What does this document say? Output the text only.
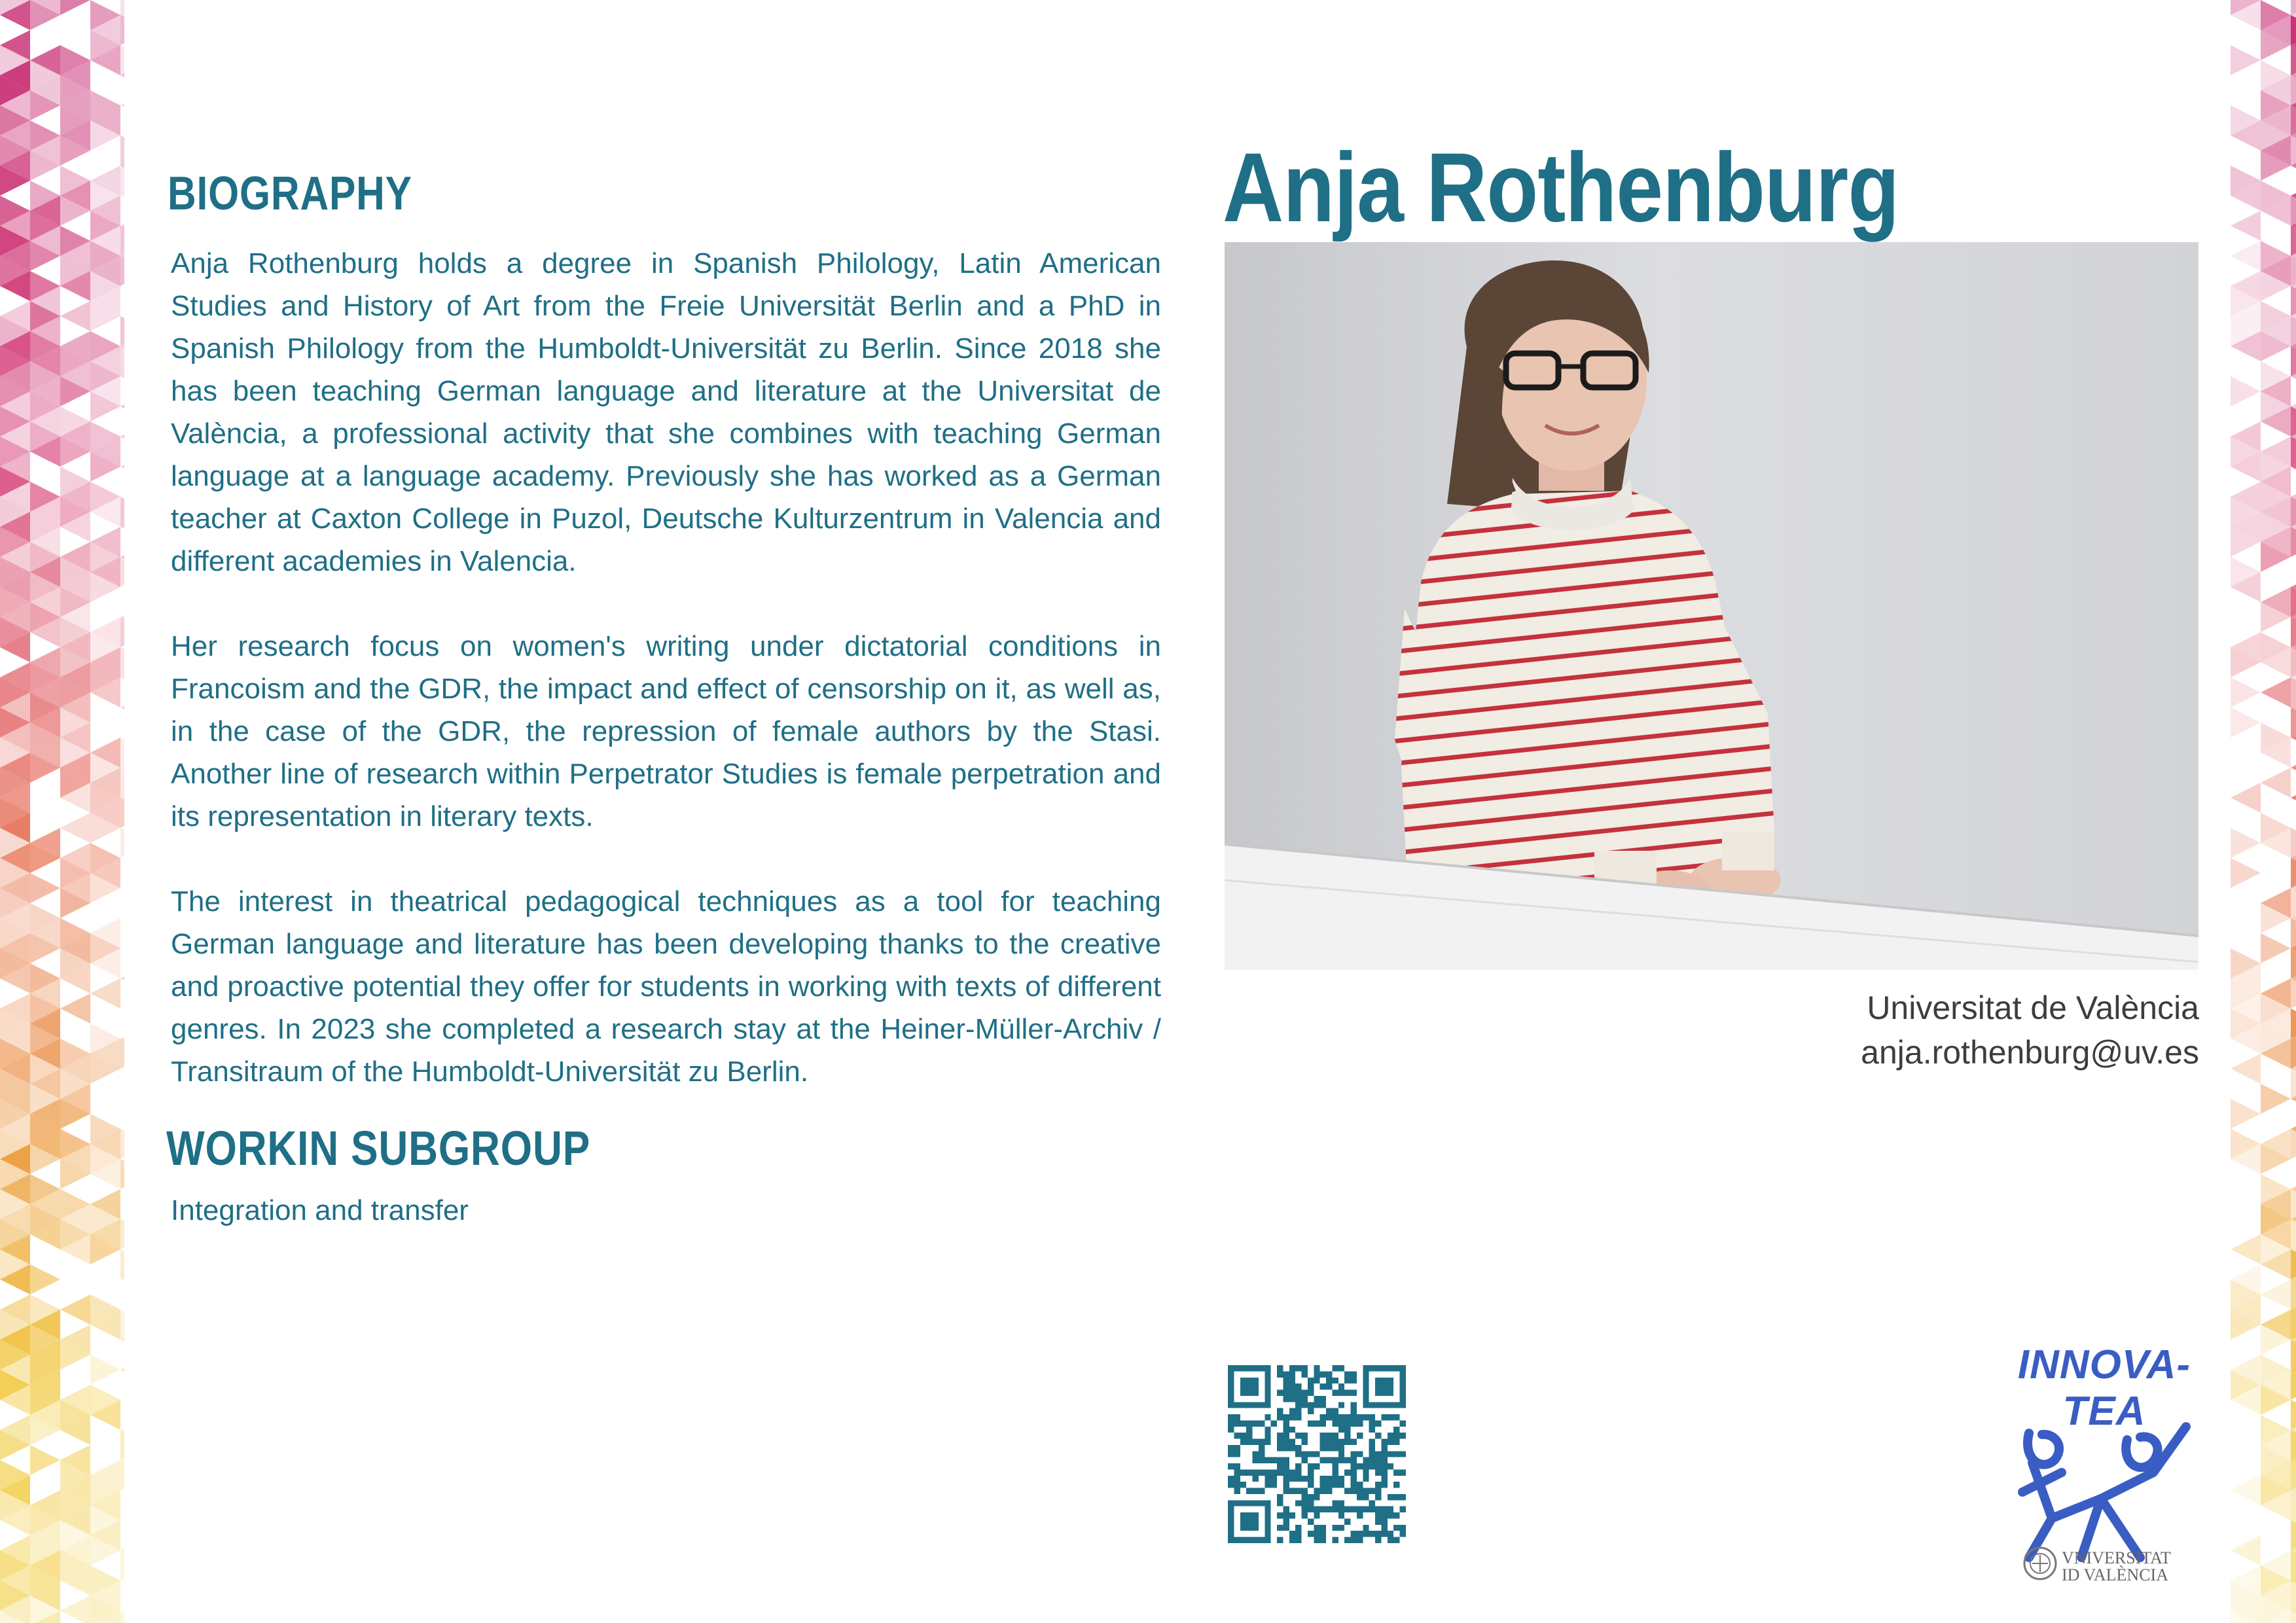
BIOGRAPHY

Anja Rothenburg holds a degree in Spanish Philology, Latin American Studies and History of Art from the Freie Universität Berlin and a PhD in Spanish Philology from the Humboldt-Universität zu Berlin. Since 2018 she has been teaching German language and literature at the Universitat de València, a professional activity that she combines with teaching German language at a language academy. Previously she has worked as a German teacher at Caxton College in Puzol, Deutsche Kulturzentrum in Valencia and different academies in Valencia.

Her research focus on women's writing under dictatorial conditions in Francoism and the GDR, the impact and effect of censorship on it, as well as, in the case of the GDR, the repression of female authors by the Stasi. Another line of research within Perpetrator Studies is female perpetration and its representation in literary texts.

The interest in theatrical pedagogical techniques as a tool for teaching German language and literature has been developing thanks to the creative and proactive potential they offer for students in working with texts of different genres. In 2023 she completed a research stay at the Heiner-Müller-Archiv / Transitraum of the Humboldt-Universität zu Berlin.

WORKIN SUBGROUP
Integration and transfer
Anja Rothenburg
Universitat de València
anja.rothenburg@uv.es
INNOVA-TEA
VNIVERSITAT
ID VALÈNCIA
